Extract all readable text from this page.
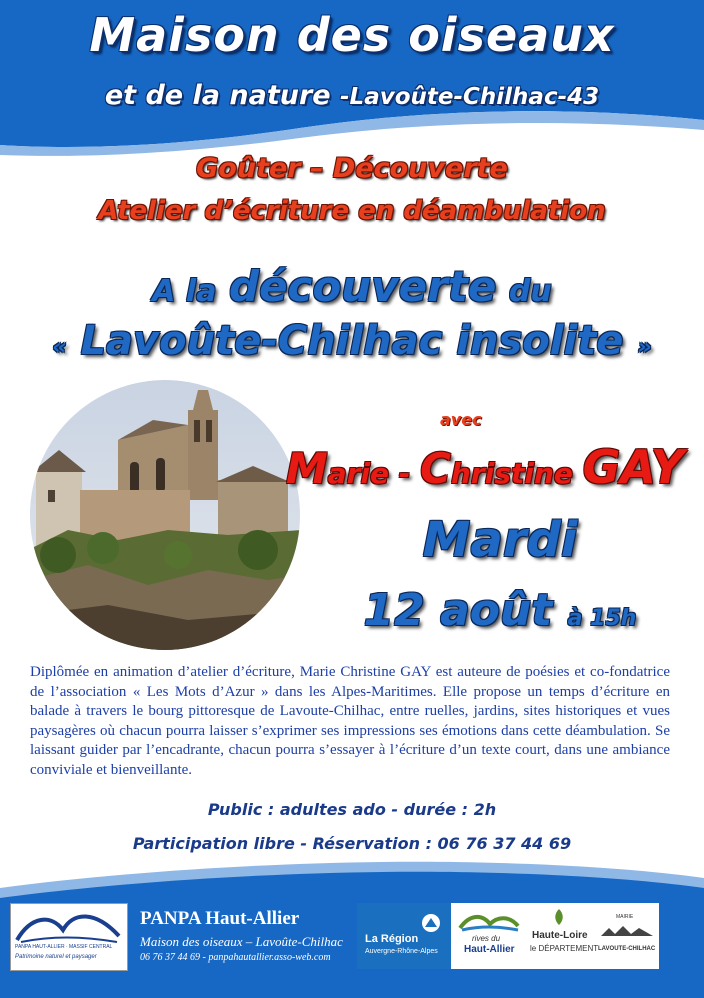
Maison des oiseaux
et de la nature -Lavoûte-Chilhac-43
Goûter – Découverte
Atelier d’écriture en déambulation
A la découverte du
« Lavoûte-Chilhac insolite »
avec
Marie - Christine GAY
Mardi
12 août à 15h
Diplômée en animation d’atelier d’écriture, Marie Christine GAY est auteure de poésies et co-fondatrice de l’association « Les Mots d’Azur » dans les Alpes-Maritimes. Elle propose un temps d’écriture en balade à travers le bourg pittoresque de Lavoute-Chilhac, entre ruelles, jardins, sites historiques et vues paysagères où chacun pourra laisser s’exprimer ses impressions ses émotions dans cette déambulation. Se laissant guider par l’encadrante, chacun pourra s’essayer à l’écriture d’un texte court, dans une ambiance conviviale et bienveillante.
Public : adultes ado - durée : 2h
Participation libre - Réservation : 06 76 37 44 69
PANPA HAUT-ALLIER · MASSIF CENTRAL
Patrimoine naturel et paysager
PANPA Haut-Allier
Maison des oiseaux – Lavoûte-Chilhac
06 76 37 44 69 - panpahautallier.asso-web.com
La Région
Auvergne-Rhône-Alpes
rives du
Haut-Allier
Haute-Loire
le DÉPARTEMENT
MAIRIE
LAVOUTE-CHILHAC
